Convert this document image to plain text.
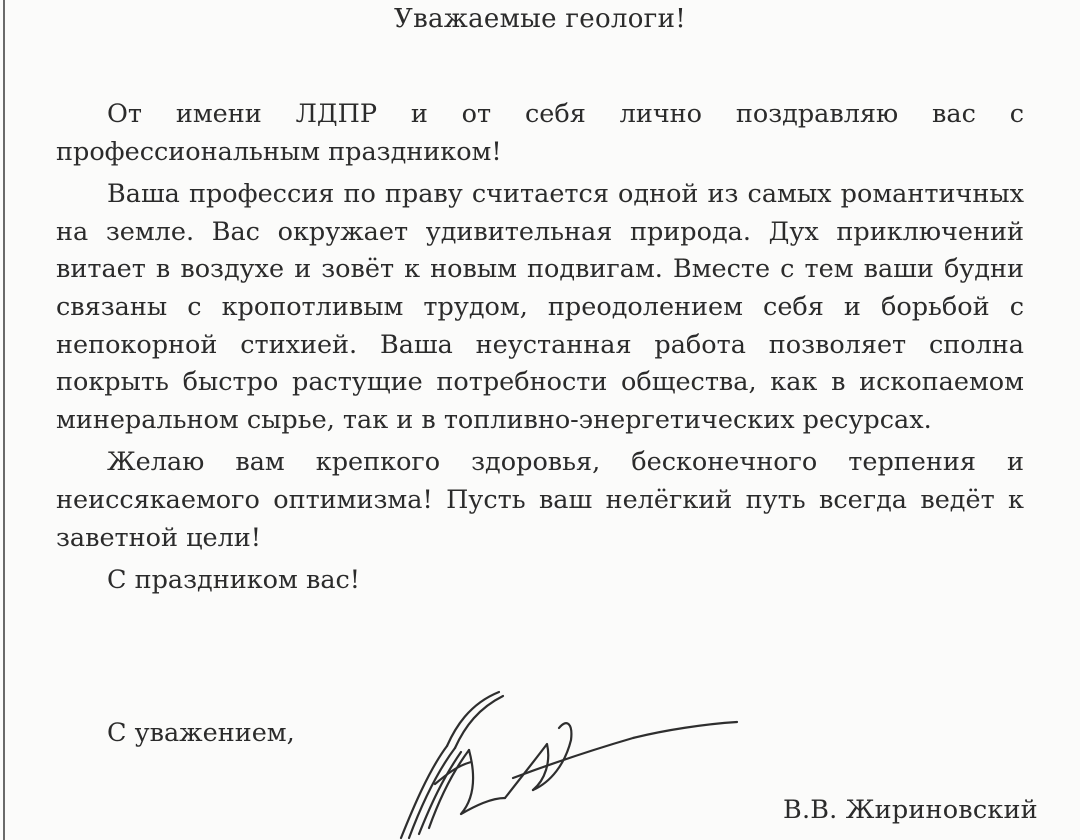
Уважаемые геологи!

От имени ЛДПР и от себя лично поздравляю вас с профессиональным праздником!

Ваша профессия по праву считается одной из самых романтичных на земле. Вас окружает удивительная природа. Дух приключений витает в воздухе и зовёт к новым подвигам. Вместе с тем ваши будни связаны с кропотливым трудом, преодолением себя и борьбой с непокорной стихией. Ваша неустанная работа позволяет сполна покрыть быстро растущие потребности общества, как в ископаемом минеральном сырье, так и в топливно-энергетических ресурсах.

Желаю вам крепкого здоровья, бесконечного терпения и неиссякаемого оптимизма! Пусть ваш нелёгкий путь всегда ведёт к заветной цели!

С праздником вас!

С уважением,
В.В. Жириновский
